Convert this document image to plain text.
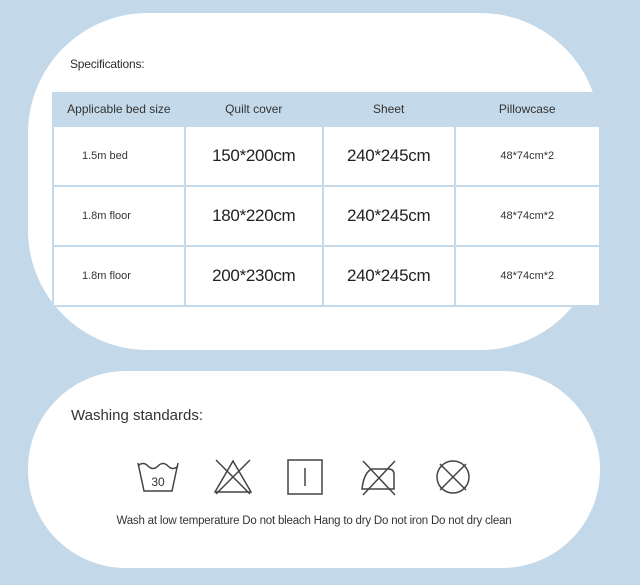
Specifications:
Applicable bed size	Quilt cover	Sheet	Pillowcase
1.5m bed	150*200cm	240*245cm	48*74cm*2
1.8m floor	180*220cm	240*245cm	48*74cm*2
1.8m floor	200*230cm	240*245cm	48*74cm*2
Washing standards:
30
Wash at low temperature Do not bleach Hang to dry Do not iron Do not dry clean
